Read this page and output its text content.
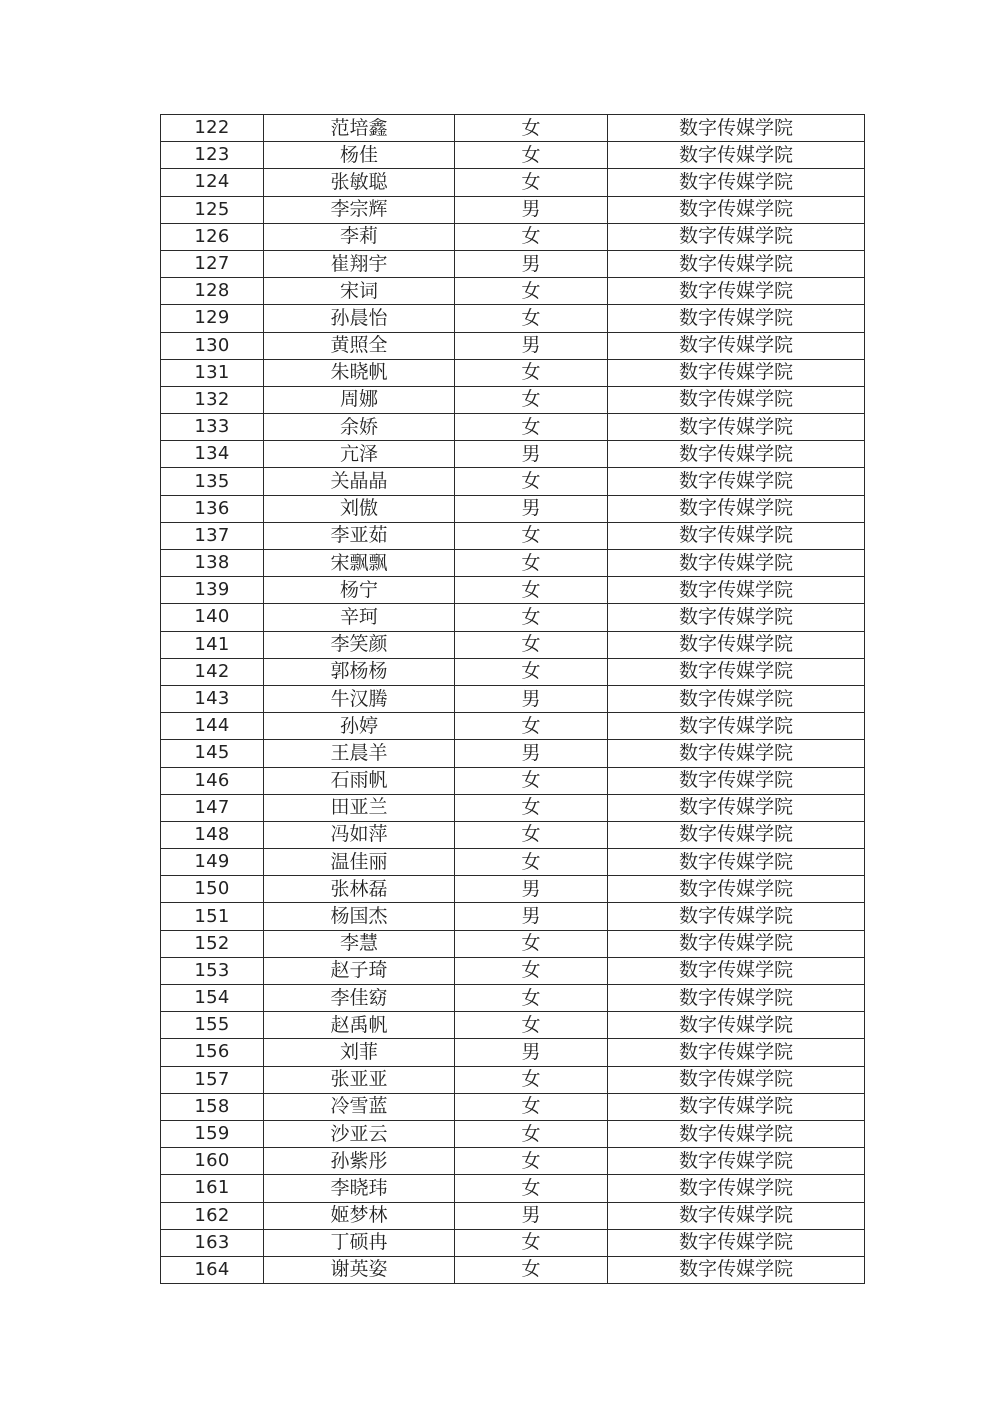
122	范培鑫	女	数字传媒学院
123	杨佳	女	数字传媒学院
124	张敏聪	女	数字传媒学院
125	李宗辉	男	数字传媒学院
126	李莉	女	数字传媒学院
127	崔翔宇	男	数字传媒学院
128	宋词	女	数字传媒学院
129	孙晨怡	女	数字传媒学院
130	黄照全	男	数字传媒学院
131	朱晓帆	女	数字传媒学院
132	周娜	女	数字传媒学院
133	余娇	女	数字传媒学院
134	亢泽	男	数字传媒学院
135	关晶晶	女	数字传媒学院
136	刘傲	男	数字传媒学院
137	李亚茹	女	数字传媒学院
138	宋飘飘	女	数字传媒学院
139	杨宁	女	数字传媒学院
140	辛珂	女	数字传媒学院
141	李笑颜	女	数字传媒学院
142	郭杨杨	女	数字传媒学院
143	牛汉腾	男	数字传媒学院
144	孙婷	女	数字传媒学院
145	王晨羊	男	数字传媒学院
146	石雨帆	女	数字传媒学院
147	田亚兰	女	数字传媒学院
148	冯如萍	女	数字传媒学院
149	温佳丽	女	数字传媒学院
150	张林磊	男	数字传媒学院
151	杨国杰	男	数字传媒学院
152	李慧	女	数字传媒学院
153	赵子琦	女	数字传媒学院
154	李佳窈	女	数字传媒学院
155	赵禹帆	女	数字传媒学院
156	刘菲	男	数字传媒学院
157	张亚亚	女	数字传媒学院
158	冷雪蓝	女	数字传媒学院
159	沙亚云	女	数字传媒学院
160	孙紫彤	女	数字传媒学院
161	李晓玮	女	数字传媒学院
162	姬梦林	男	数字传媒学院
163	丁硕冉	女	数字传媒学院
164	谢英姿	女	数字传媒学院
